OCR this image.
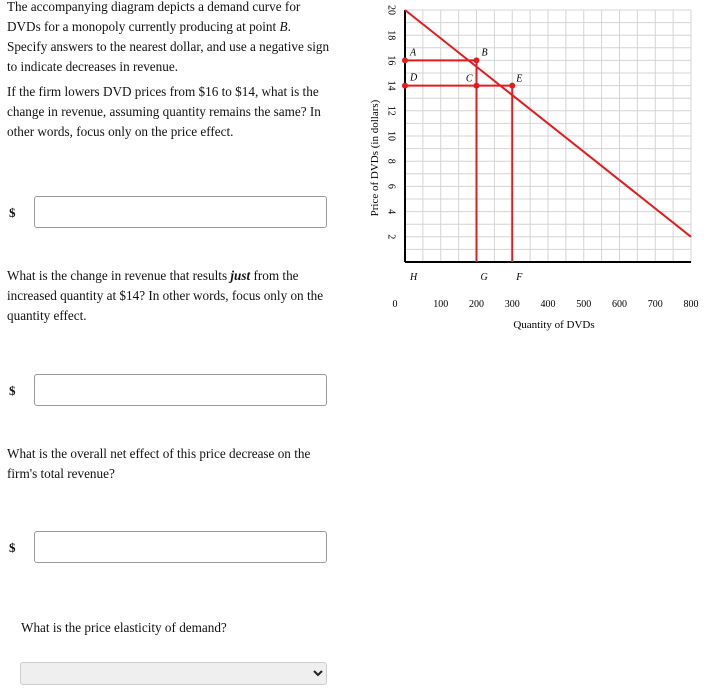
The accompanying diagram depicts a demand curve for
DVDs for a monopoly currently producing at point B.
Specify answers to the nearest dollar, and use a negative sign
to indicate decreases in revenue.
If the firm lowers DVD prices from $16 to $14, what is the
change in revenue, assuming quantity remains the same? In
other words, focus only on the price effect.
$
What is the change in revenue that results just from the
increased quantity at $14? In other words, focus only on the
quantity effect.
$
What is the overall net effect of this price decrease on the
firm's total revenue?
$
What is the price elasticity of demand?
2
4
6
8
10
12
14
16
18
20
0	100 200 300 400 500 600 700 800
Quantity of DVDs
Price of DVDs (in dollars)
A	B
C
D	E
F
G
H
